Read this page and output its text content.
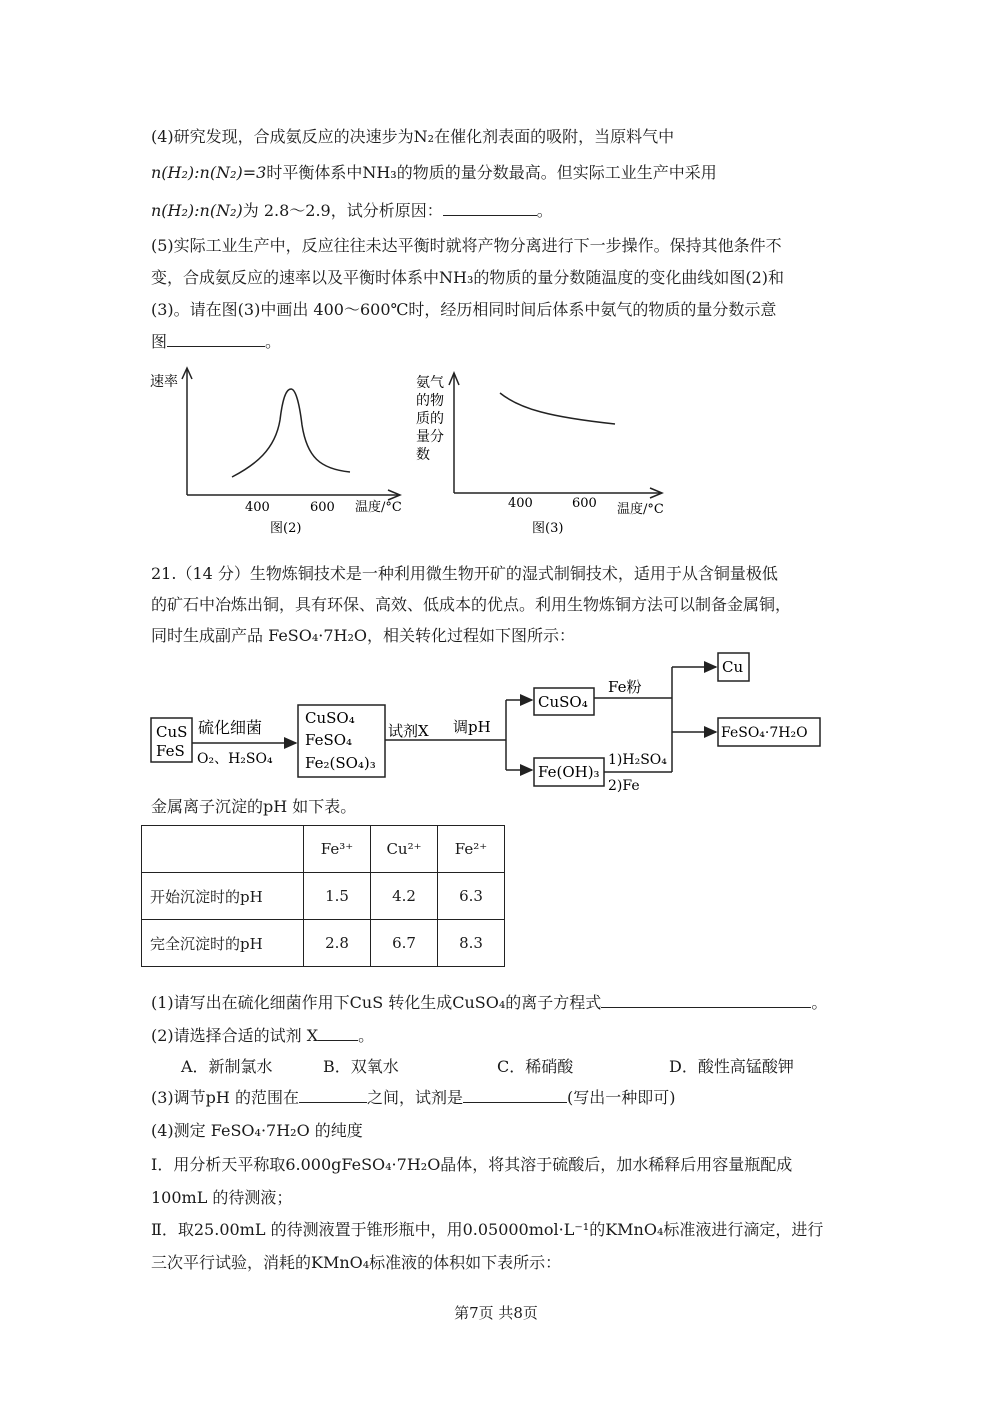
(4)研究发现，合成氨反应的决速步为N₂在催化剂表面的吸附，当原料气中
n(H₂):n(N₂)=3时平衡体系中NH₃的物质的量分数最高。但实际工业生产中采用
n(H₂):n(N₂)为 2.8～2.9，试分析原因：	。
(5)实际工业生产中，反应往往未达平衡时就将产物分离进行下一步操作。保持其他条件不
变，合成氨反应的速率以及平衡时体系中NH₃的物质的量分数随温度的变化曲线如图(2)和
(3)。请在图(3)中画出 400～600℃时，经历相同时间后体系中氨气的物质的量分数示意
图	。
速率
400	600 温度/°C
图(2)
氨气
的物
质的
量分
数
400	600 温度/°C
图(3)
21.（14 分）生物炼铜技术是一种利用微生物开矿的湿式制铜技术，适用于从含铜量极低
的矿石中冶炼出铜，具有环保、高效、低成本的优点。利用生物炼铜方法可以制备金属铜，
同时生成副产品 FeSO₄·7H₂O，相关转化过程如下图所示：
CuS
FeS
硫化细菌
O₂、H₂SO₄
CuSO₄
FeSO₄
Fe₂(SO₄)₃
试剂X 调pH
CuSO₄
Fe粉
Fe(OH)₃
1)H₂SO₄
2)Fe
Cu
FeSO₄·7H₂O
金属离子沉淀的pH 如下表。
	Fe³⁺	Cu²⁺	Fe²⁺
开始沉淀时的pH	1.5	4.2	6.3
完全沉淀时的pH	2.8	6.7	8.3
(1)请写出在硫化细菌作用下CuS 转化生成CuSO₄的离子方程式	。
(2)请选择合适的试剂 X	。
A．新制氯水	B．双氧水	C．稀硝酸	D．酸性高锰酸钾
(3)调节pH 的范围在	之间，试剂是	(写出一种即可)
(4)测定 FeSO₄·7H₂O 的纯度
I．用分析天平称取6.000gFeSO₄·7H₂O晶体，将其溶于硫酸后，加水稀释后用容量瓶配成
100mL 的待测液；
Ⅱ．取25.00mL 的待测液置于锥形瓶中，用0.05000mol·L⁻¹的KMnO₄标准液进行滴定，进行
三次平行试验，消耗的KMnO₄标准液的体积如下表所示：
第7页 共8页
